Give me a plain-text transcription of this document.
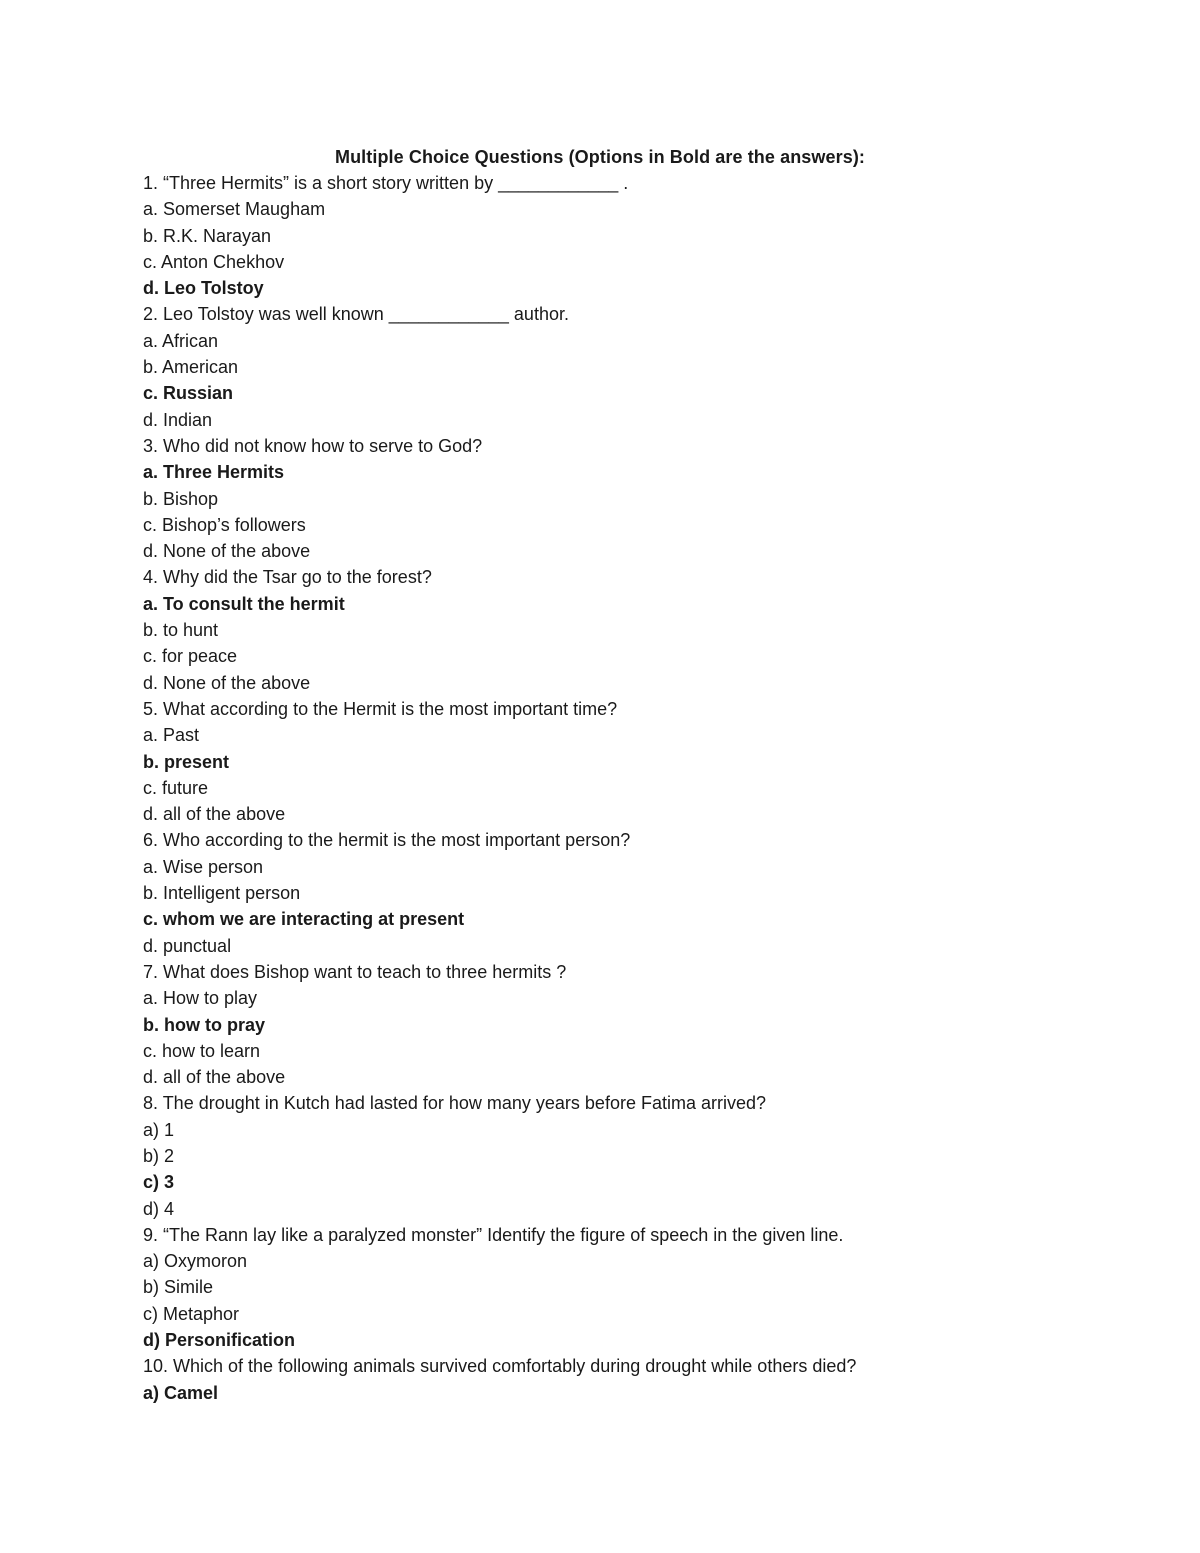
Multiple Choice Questions (Options in Bold are the answers):
1. “Three Hermits” is a short story written by ____________ .
a. Somerset Maugham
b. R.K. Narayan
c. Anton Chekhov
d. Leo Tolstoy
2. Leo Tolstoy was well known ____________ author.
a. African
b. American
c. Russian
d. Indian
3. Who did not know how to serve to God?
a. Three Hermits
b. Bishop
c. Bishop’s followers
d. None of the above
4. Why did the Tsar go to the forest?
a. To consult the hermit
b. to hunt
c. for peace
d. None of the above
5. What according to the Hermit is the most important time?
a. Past
b. present
c. future
d. all of the above
6. Who according to the hermit is the most important person?
a. Wise person
b. Intelligent person
c. whom we are interacting at present
d. punctual
7. What does Bishop want to teach to three hermits ?
a. How to play
b. how to pray
c. how to learn
d. all of the above
8. The drought in Kutch had lasted for how many years before Fatima arrived?
a) 1
b) 2
c) 3
d) 4
9. “The Rann lay like a paralyzed monster” Identify the figure of speech in the given line.
a) Oxymoron
b) Simile
c) Metaphor
d) Personification
10. Which of the following animals survived comfortably during drought while others died?
a) Camel
